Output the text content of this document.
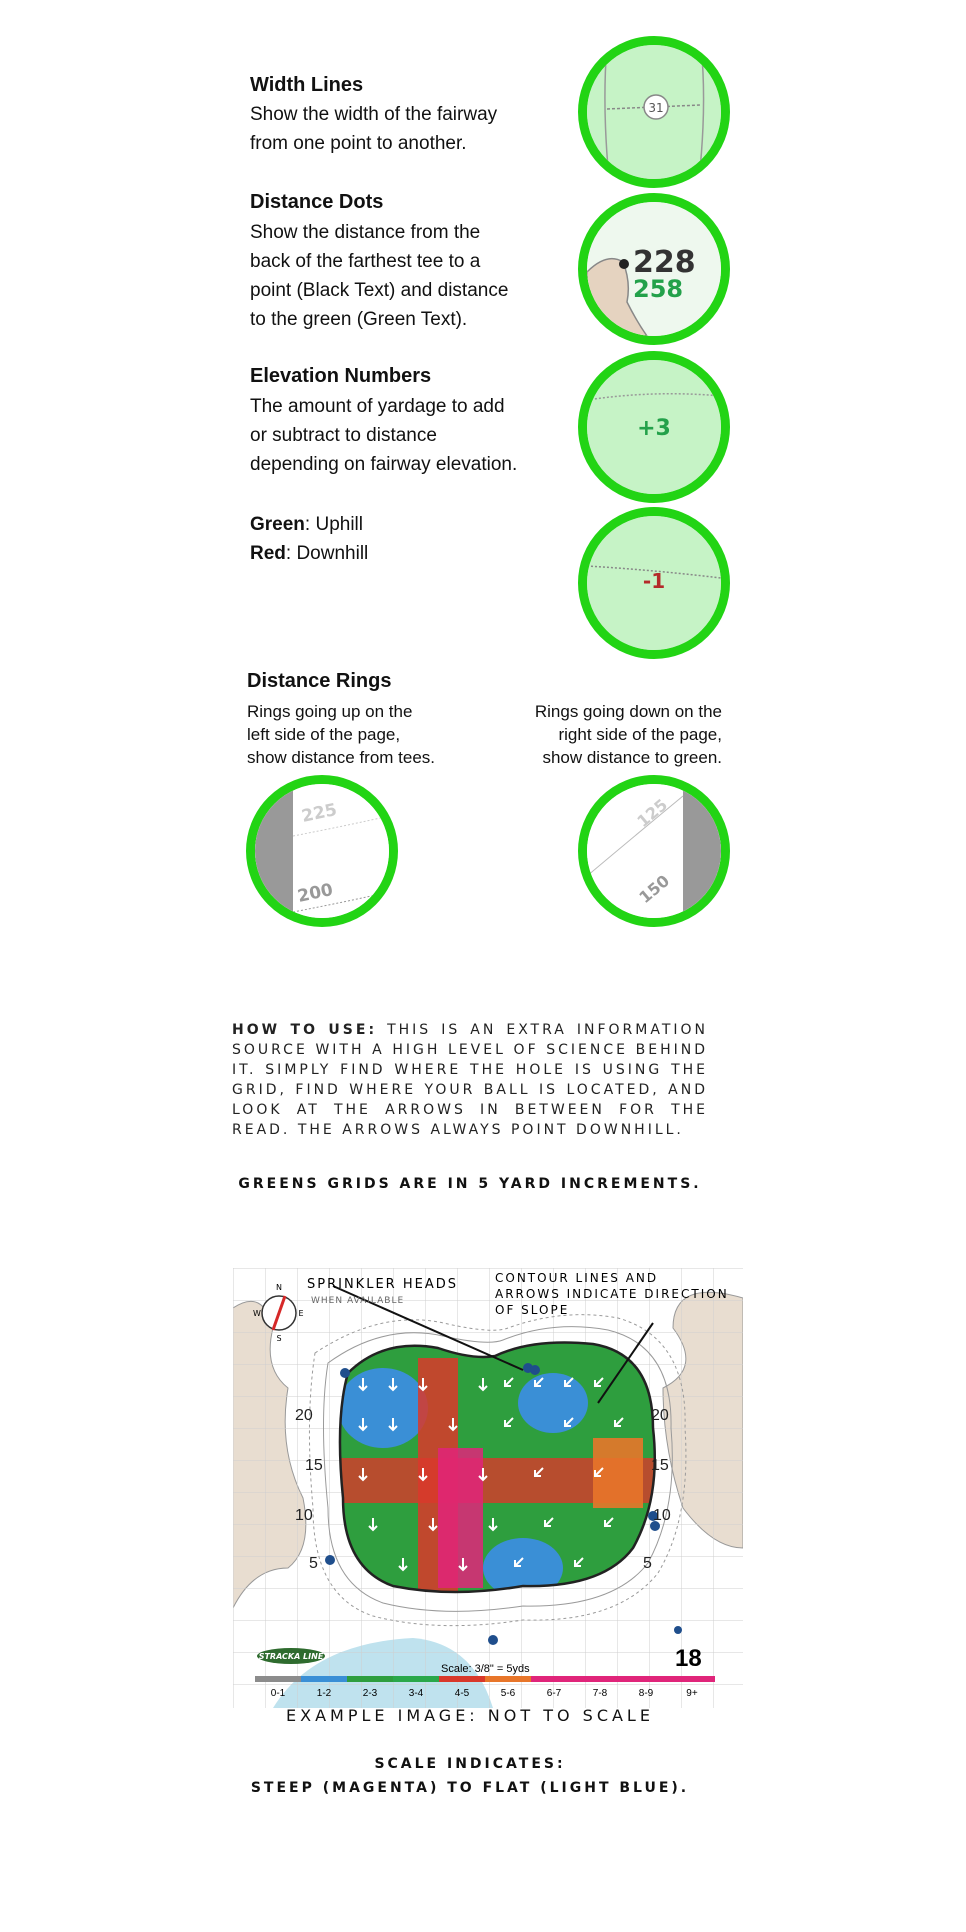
Width Lines
Show the width of the fairway
from one point to another.
31
Distance Dots
Show the distance from the
back of the farthest tee to a
point (Black Text) and distance
to the green (Green Text).
228
258
Elevation Numbers
The amount of yardage to add
or subtract to distance
depending on fairway elevation.
Green: Uphill
Red: Downhill
+3
-1
Distance Rings
Rings going up on the
left side of the page,
show distance from tees.
Rings going down on the
right side of the page,
show distance to green.
225
200
125
150
HOW TO USE: THIS IS AN EXTRA INFORMATION SOURCE WITH A HIGH LEVEL OF SCIENCE BEHIND IT. SIMPLY FIND WHERE THE HOLE IS USING THE GRID, FIND WHERE YOUR BALL IS LOCATED, AND LOOK AT THE ARROWS IN BETWEEN FOR THE READ. THE ARROWS ALWAYS POINT DOWNHILL.
GREENS GRIDS ARE IN 5 YARD INCREMENTS.
N
W	E
S
SPRINKLER HEADS
WHEN AVAILABLE
CONTOUR LINES AND
ARROWS INDICATE DIRECTION
OF SLOPE
20
15
10
5
20
15
10
5
STRACKA LINE
Scale: 3/8" = 5yds	18
0-1	1-2	2-3	3-4	4-5	5-6	6-7	7-8	8-9	9+
EXAMPLE IMAGE: NOT TO SCALE
SCALE INDICATES:
STEEP (MAGENTA) TO FLAT (LIGHT BLUE).
